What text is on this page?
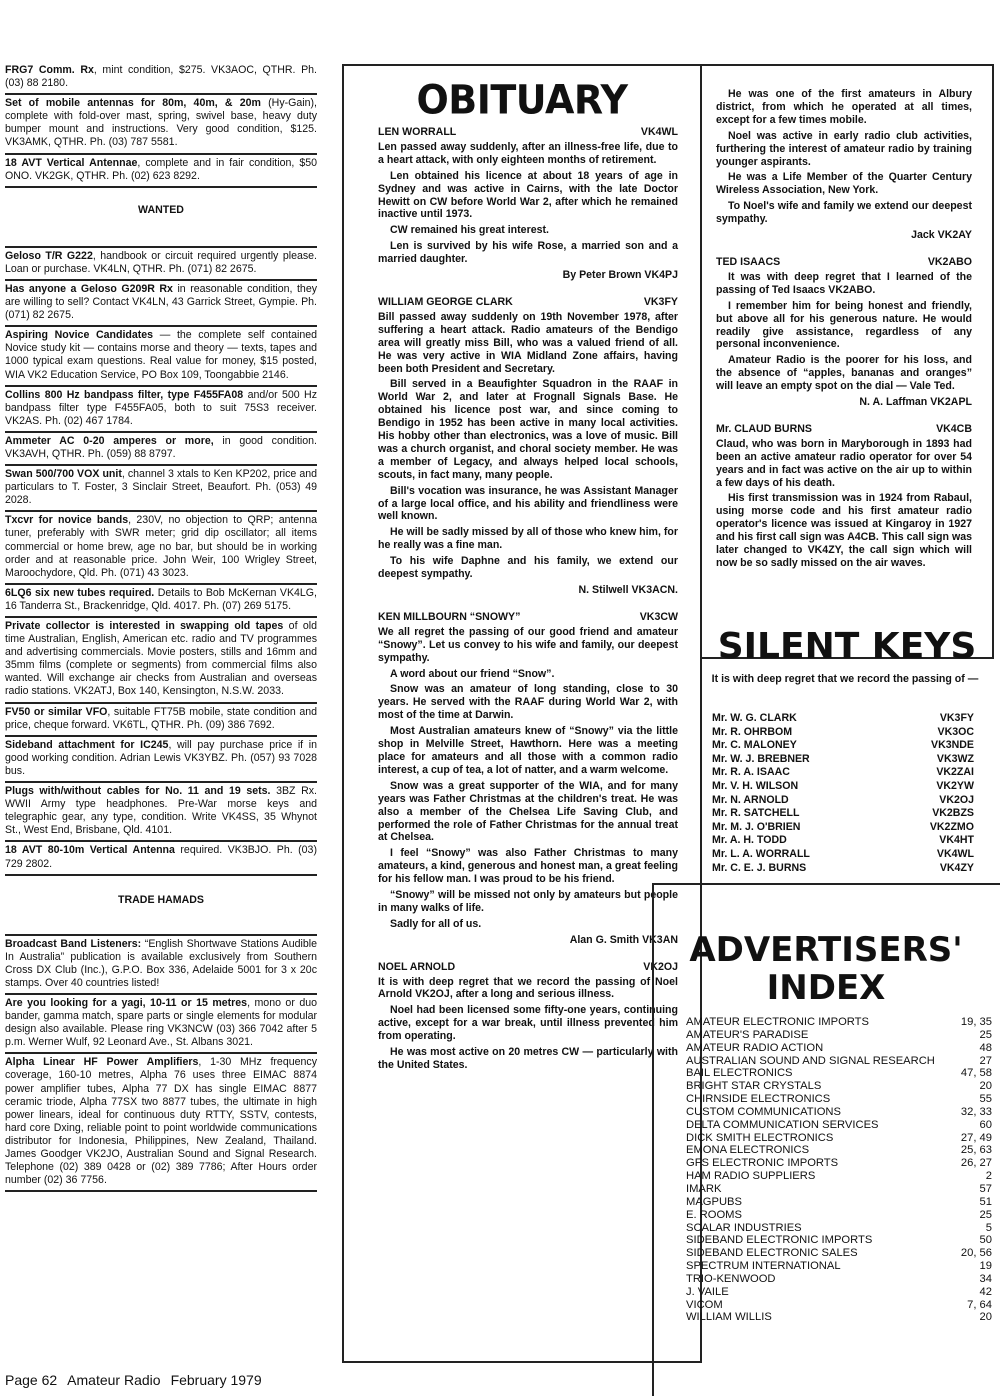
FRG7 Comm. Rx, mint condition, $275. VK3AOC, QTHR. Ph. (03) 88 2180.
Set of mobile antennas for 80m, 40m, & 20m (Hy-Gain), complete with fold-over mast, spring, swivel base, heavy duty bumper mount and instructions. Very good condition, $125. VK3AMK, QTHR. Ph. (03) 787 5581.
18 AVT Vertical Antennae, complete and in fair condition, $50 ONO. VK2GK, QTHR. Ph. (02) 623 8292.
WANTED
Geloso T/R G222, handbook or circuit required urgently please. Loan or purchase. VK4LN, QTHR. Ph. (071) 82 2675.
Has anyone a Geloso G209R Rx in reasonable condition, they are willing to sell? Contact VK4LN, 43 Garrick Street, Gympie. Ph. (071) 82 2675.
Aspiring Novice Candidates — the complete self contained Novice study kit — contains morse and theory — texts, tapes and 1000 typical exam questions. Real value for money, $15 posted, WIA VK2 Education Service, PO Box 109, Toongabbie 2146.
Collins 800 Hz bandpass filter, type F455FA08 and/or 500 Hz bandpass filter type F455FA05, both to suit 75S3 receiver. VK2AS. Ph. (02) 467 1784.
Ammeter AC 0-20 amperes or more, in good condition. VK3AVH, QTHR. Ph. (059) 88 8797.
Swan 500/700 VOX unit, channel 3 xtals to Ken KP202, price and particulars to T. Foster, 3 Sinclair Street, Beaufort. Ph. (053) 49 2028.
Txcvr for novice bands, 230V, no objection to QRP; antenna tuner, preferably with SWR meter; grid dip oscillator; all items commercial or home brew, age no bar, but should be in working order and at reasonable price. John Weir, 100 Wrigley Street, Maroochydore, Qld. Ph. (071) 43 3023.
6LQ6 six new tubes required. Details to Bob McKernan VK4LG, 16 Tanderra St., Brackenridge, Qld. 4017. Ph. (07) 269 5175.
Private collector is interested in swapping old tapes of old time Australian, English, American etc. radio and TV programmes and advertising commercials. Movie posters, stills and 16mm and 35mm films (complete or segments) from commercial films also wanted. Will exchange air checks from Australian and overseas radio stations. VK2ATJ, Box 140, Kensington, N.S.W. 2033.
FV50 or similar VFO, suitable FT75B mobile, state condition and price, cheque forward. VK6TL, QTHR. Ph. (09) 386 7692.
Sideband attachment for IC245, will pay purchase price if in good working condition. Adrian Lewis VK3YBZ. Ph. (057) 93 7028 bus.
Plugs with/without cables for No. 11 and 19 sets. 3BZ Rx. WWII Army type headphones. Pre-War morse keys and telegraphic gear, any type, condition. Write VK4SS, 35 Whynot St., West End, Brisbane, Qld. 4101.
18 AVT 80-10m Vertical Antenna required. VK3BJO. Ph. (03) 729 2802.
TRADE HAMADS
Broadcast Band Listeners: “English Shortwave Stations Audible In Australia” publication is available exclusively from Southern Cross DX Club (Inc.), G.P.O. Box 336, Adelaide 5001 for 3 x 20c stamps. Over 40 countries listed!
Are you looking for a yagi, 10-11 or 15 metres, mono or duo bander, gamma match, spare parts or single elements for modular design also available. Please ring VK3NCW (03) 366 7042 after 5 p.m. Werner Wulf, 92 Leonard Ave., St. Albans 3021.
Alpha Linear HF Power Amplifiers, 1-30 MHz frequency coverage, 160-10 metres, Alpha 76 uses three EIMAC 8874 power amplifier tubes, Alpha 77 DX has single EIMAC 8877 ceramic triode, Alpha 77SX two 8877 tubes, the ultimate in high power linears, ideal for continuous duty RTTY, SSTV, contests, hard core Dxing, reliable point to point worldwide communications distributor for Indonesia, Philippines, New Zealand, Thailand. James Goodger VK2JO, Australian Sound and Signal Research. Telephone (02) 389 0428 or (02) 389 7786; After Hours order number (02) 36 7756.
OBITUARY
LEN WORRALL	VK4WL

Len passed away suddenly, after an illness-free life, due to a heart attack, with only eighteen months of retirement.

Len obtained his licence at about 18 years of age in Sydney and was active in Cairns, with the late Doctor Hewitt on CW before World War 2, after which he remained inactive until 1973.

CW remained his great interest.

Len is survived by his wife Rose, a married son and a married daughter.

By Peter Brown VK4PJ
WILLIAM GEORGE CLARK	VK3FY

Bill passed away suddenly on 19th November 1978, after suffering a heart attack. Radio amateurs of the Bendigo area will greatly miss Bill, who was a valued friend of all. He was very active in WIA Midland Zone affairs, having been both President and Secretary.

Bill served in a Beaufighter Squadron in the RAAF in World War 2, and later at Frognall Signals Base. He obtained his licence post war, and since coming to Bendigo in 1952 has been active in many local activities. His hobby other than electronics, was a love of music. Bill was a church organist, and choral society member. He was a member of Legacy, and always helped local schools, scouts, in fact many, many people.

Bill's vocation was insurance, he was Assistant Manager of a large local office, and his ability and friendliness were well known.

He will be sadly missed by all of those who knew him, for he really was a fine man.

To his wife Daphne and his family, we extend our deepest sympathy.

N. Stilwell VK3ACN.
KEN MILLBOURN “SNOWY”	VK3CW

We all regret the passing of our good friend and amateur “Snowy”. Let us convey to his wife and family, our deepest sympathy.

A word about our friend “Snow”.

Snow was an amateur of long standing, close to 30 years. He served with the RAAF during World War 2, with most of the time at Darwin.

Most Australian amateurs knew of “Snowy” via the little shop in Melville Street, Hawthorn. Here was a meeting place for amateurs and all those with a common radio interest, a cup of tea, a lot of natter, and a warm welcome.

Snow was a great supporter of the WIA, and for many years was Father Christmas at the children's treat. He was also a member of the Chelsea Life Saving Club, and performed the role of Father Christmas for the annual treat at Chelsea.

I feel “Snowy” was also Father Christmas to many amateurs, a kind, generous and honest man, a great feeling for his fellow man. I was proud to be his friend.

“Snowy” will be missed not only by amateurs but people in many walks of life.

Sadly for all of us.

Alan G. Smith VK3AN
NOEL ARNOLD	VK2OJ

It is with deep regret that we record the passing of Noel Arnold VK2OJ, after a long and serious illness.

Noel had been licensed some fifty-one years, continuing active, except for a war break, until illness prevented him from operating.

He was most active on 20 metres CW — particularly with the United States.

He was one of the first amateurs in Albury district, from which he operated at all times, except for a few times mobile.

Noel was active in early radio club activities, furthering the interest of amateur radio by training younger aspirants.

He was a Life Member of the Quarter Century Wireless Association, New York.

To Noel's wife and family we extend our deepest sympathy.

Jack VK2AY
TED ISAACS	VK2ABO

It was with deep regret that I learned of the passing of Ted Isaacs VK2ABO.

I remember him for being honest and friendly, but above all for his generous nature. He would readily give assistance, regardless of any personal inconvenience.

Amateur Radio is the poorer for his loss, and the absence of “apples, bananas and oranges” will leave an empty spot on the dial — Vale Ted.

N. A. Laffman VK2APL
Mr. CLAUD BURNS	VK4CB

Claud, who was born in Maryborough in 1893 had been an active amateur radio operator for over 54 years and in fact was active on the air up to within a few days of his death.

His first transmission was in 1924 from Rabaul, using morse code and his first amateur radio operator's licence was issued at Kingaroy in 1927 and his first call sign was A4CB. This call sign was later changed to VK4ZY, the call sign which will now be so sadly missed on the air waves.

SILENT KEYS
It is with deep regret that we record the passing of —
Mr. W. G. CLARK	VK3FY
Mr. R. OHRBOM	VK3OC
Mr. C. MALONEY	VK3NDE
Mr. W. J. BREBNER	VK3WZ
Mr. R. A. ISAAC	VK2ZAI
Mr. V. H. WILSON	VK2YW
Mr. N. ARNOLD	VK2OJ
Mr. R. SATCHELL	VK2BZS
Mr. M. J. O'BRIEN	VK2ZMO
Mr. A. H. TODD	VK4HT
Mr. L. A. WORRALL	VK4WL
Mr. C. E. J. BURNS	VK4ZY
ADVERTISERS'
INDEX
AMATEUR ELECTRONIC IMPORTS	19, 35
AMATEUR'S PARADISE	25
AMATEUR RADIO ACTION	48
AUSTRALIAN SOUND AND SIGNAL RESEARCH	27
BAIL ELECTRONICS	47, 58
BRIGHT STAR CRYSTALS	20
CHIRNSIDE ELECTRONICS	55
CUSTOM COMMUNICATIONS	32, 33
DELTA COMMUNICATION SERVICES	60
DICK SMITH ELECTRONICS	27, 49
EMONA ELECTRONICS	25, 63
GFS ELECTRONIC IMPORTS	26, 27
HAM RADIO SUPPLIERS	2
IMARK	57
MAGPUBS	51
E. ROOMS	25
SCALAR INDUSTRIES	5
SIDEBAND ELECTRONIC IMPORTS	50
SIDEBAND ELECTRONIC SALES	20, 56
SPECTRUM INTERNATIONAL	19
TRIO-KENWOOD	34
J. VAILE	42
VICOM	7, 64
WILLIAM WILLIS	20
Page 62 Amateur Radio February 1979
